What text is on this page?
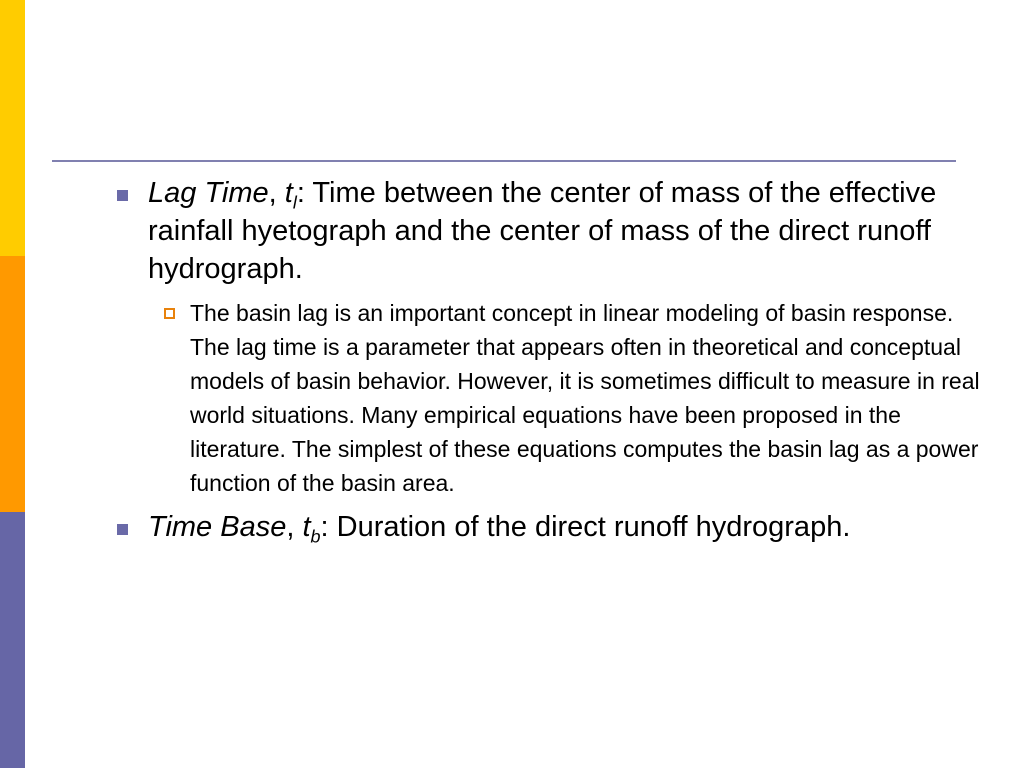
Lag Time, $t_l$: Time between the center of mass of the effective rainfall hyetograph and the center of mass of the direct runoff hydrograph.
The basin lag is an important concept in linear modeling of basin response. The lag time is a parameter that appears often in theoretical and conceptual models of basin behavior. However, it is sometimes difficult to measure in real world situations. Many empirical equations have been proposed in the literature. The simplest of these equations computes the basin lag as a power function of the basin area.
Time Base, $t_b$: Duration of the direct runoff hydrograph.
